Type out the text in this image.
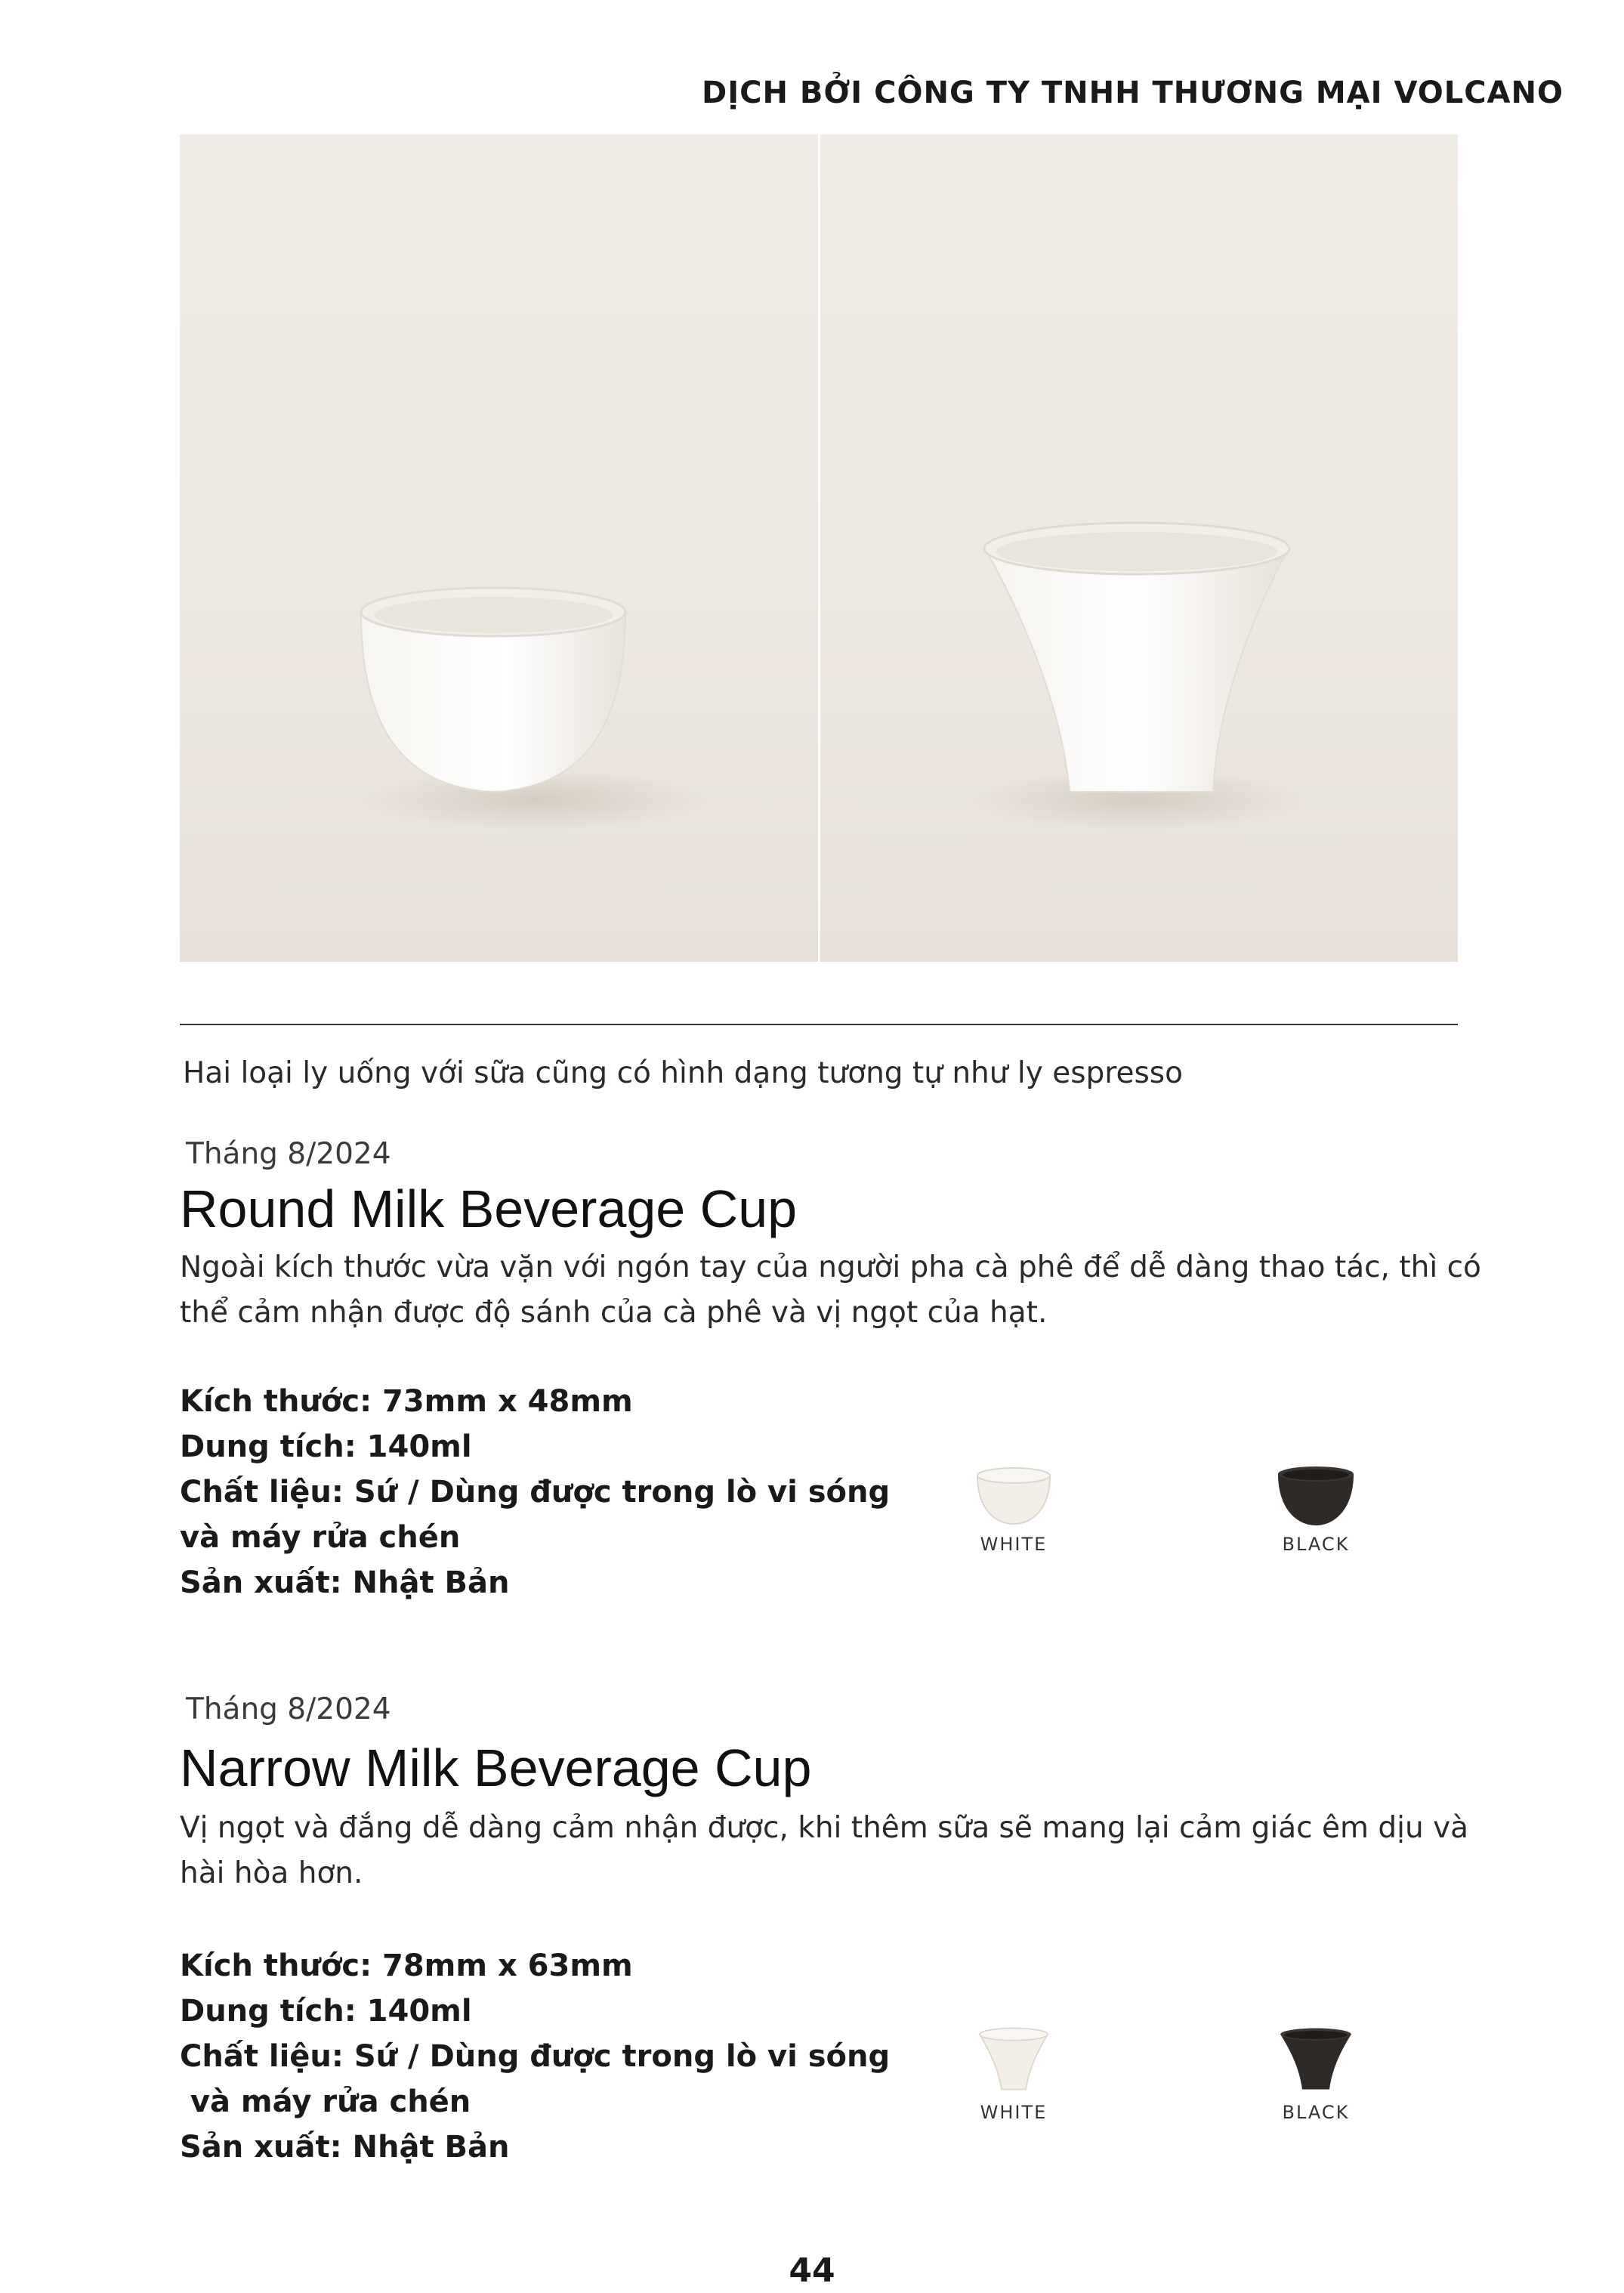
DỊCH BỞI CÔNG TY TNHH THƯƠNG MẠI VOLCANO
Hai loại ly uống với sữa cũng có hình dạng tương tự như ly espresso
Tháng 8/2024
Round Milk Beverage Cup
Ngoài kích thước vừa vặn với ngón tay của người pha cà phê để dễ dàng thao tác, thì có thể cảm nhận được độ sánh của cà phê và vị ngọt của hạt.
Kích thước: 73mm x 48mm
Dung tích: 140ml
Chất liệu: Sứ / Dùng được trong lò vi sóng
và máy rửa chén
Sản xuất: Nhật Bản
WHITE	BLACK
Tháng 8/2024
Narrow Milk Beverage Cup
Vị ngọt và đắng dễ dàng cảm nhận được, khi thêm sữa sẽ mang lại cảm giác êm dịu và hài hòa hơn.
Kích thước: 78mm x 63mm
Dung tích: 140ml
Chất liệu: Sứ / Dùng được trong lò vi sóng
và máy rửa chén
Sản xuất: Nhật Bản
WHITE	BLACK
44
